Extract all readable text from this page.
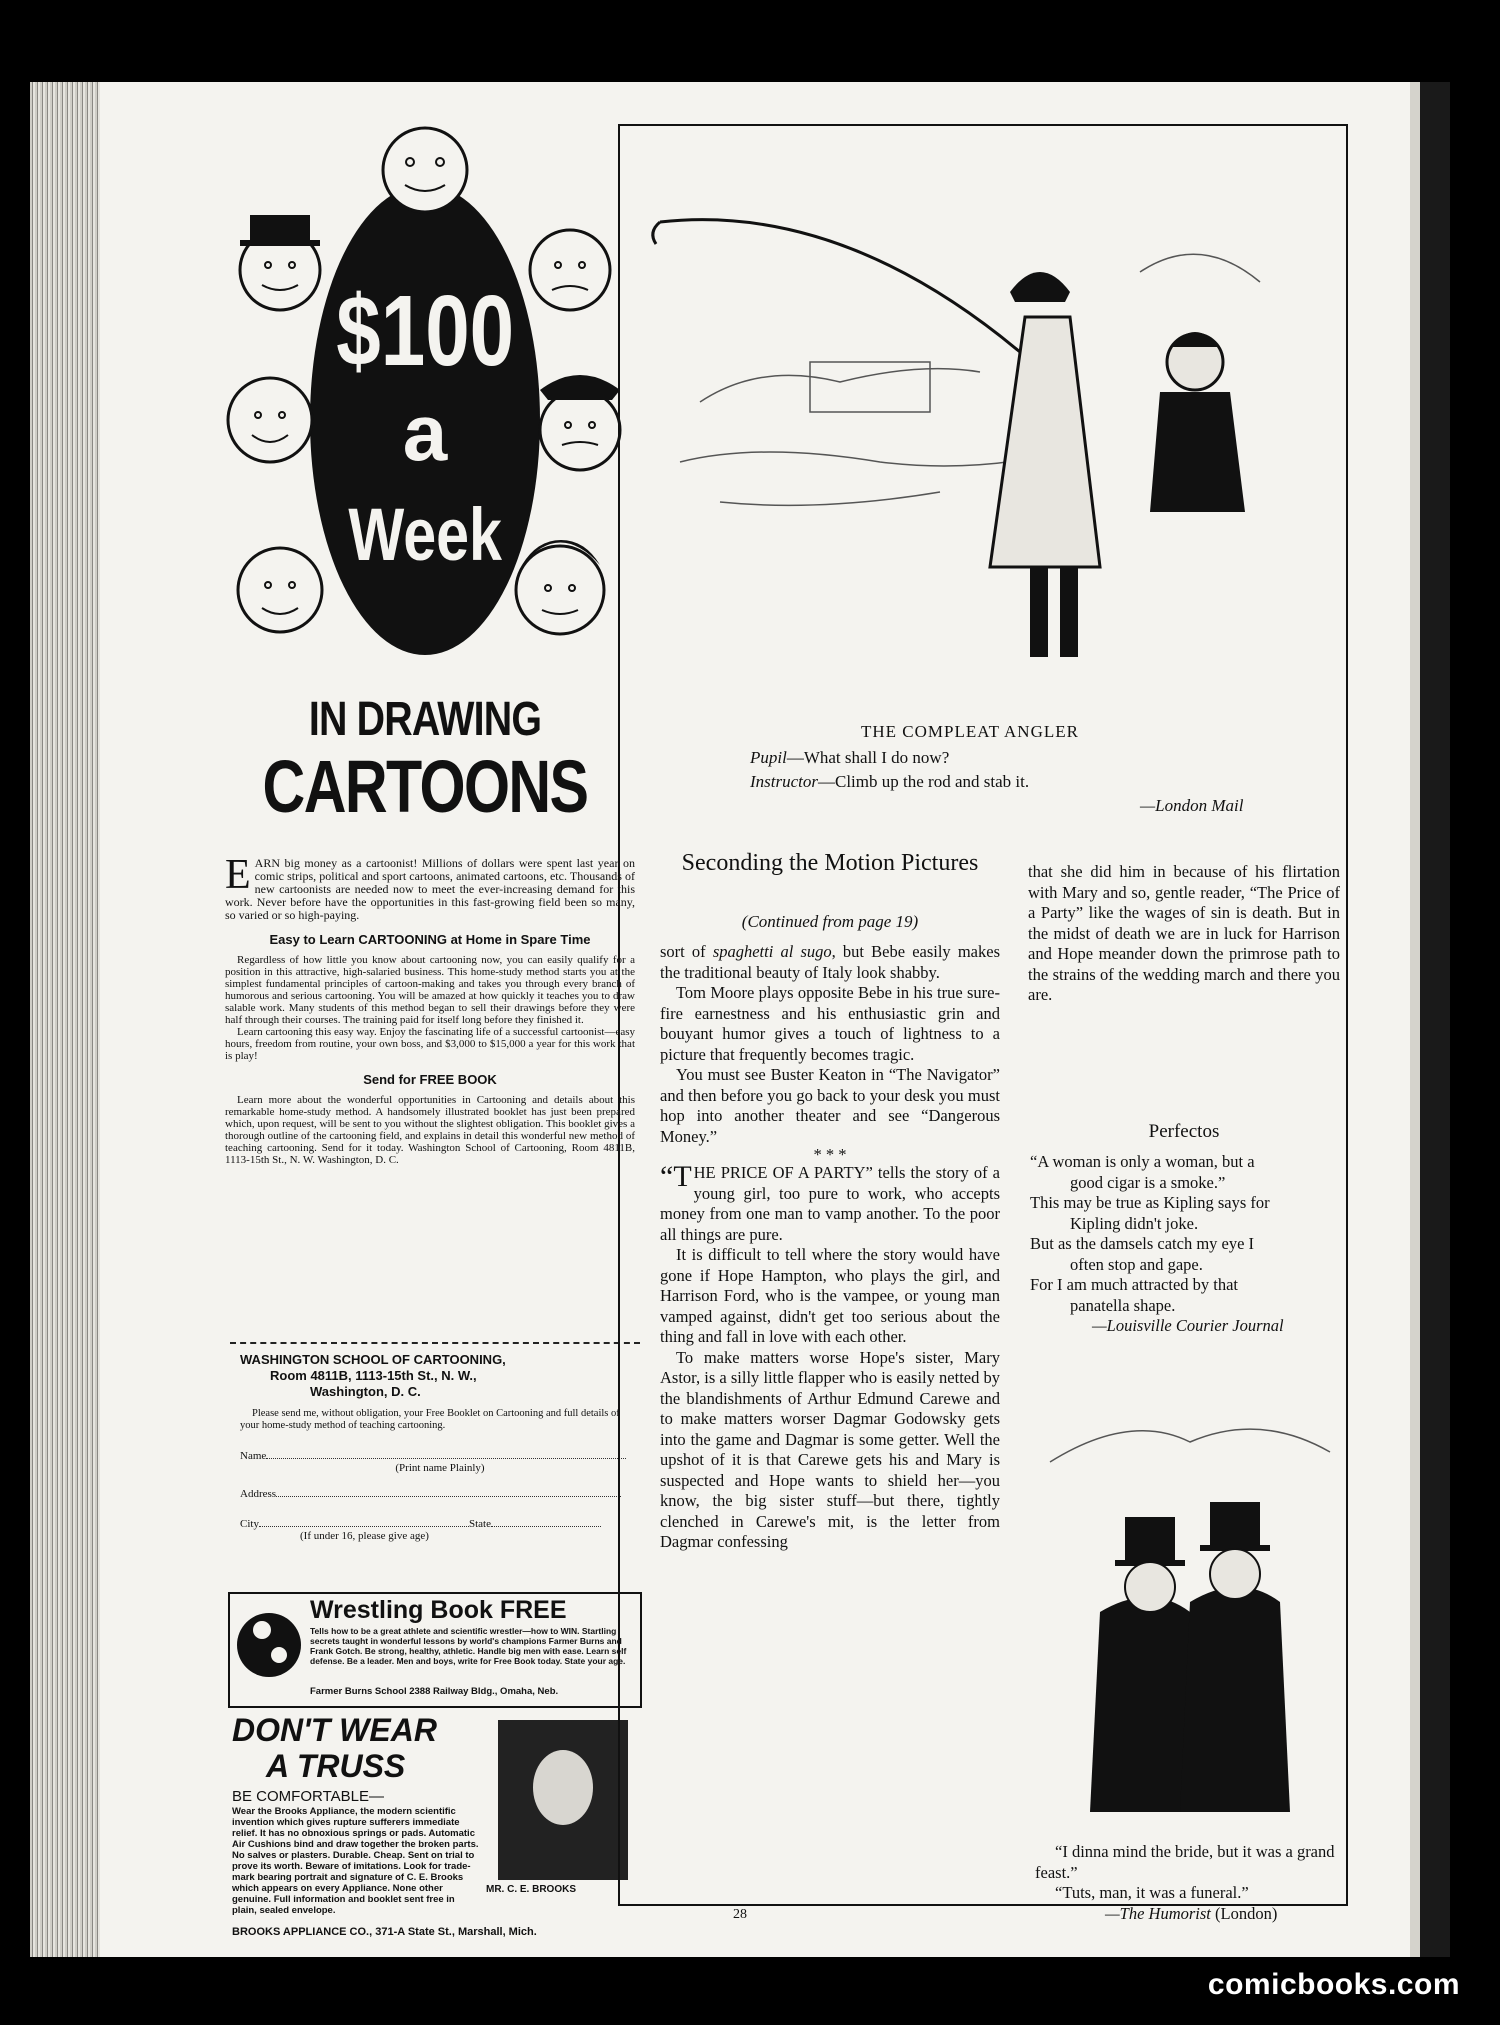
$100
a
Week
IN DRAWING
CARTOONS
EARN big money as a cartoonist! Millions of dollars were spent last year on comic strips, political and sport cartoons, animated cartoons, etc. Thousands of new cartoonists are needed now to meet the ever-increasing demand for this work. Never before have the opportunities in this fast-growing field been so many, so varied or so high-paying.
Easy to Learn CARTOONING at Home in Spare Time
Regardless of how little you know about cartooning now, you can easily qualify for a position in this attractive, high-salaried business. This home-study method starts you at the simplest fundamental principles of cartoon-making and takes you through every branch of humorous and serious cartooning. You will be amazed at how quickly it teaches you to draw salable work. Many students of this method began to sell their drawings before they were half through their courses. The training paid for itself long before they finished it.
Learn cartooning this easy way. Enjoy the fascinating life of a successful cartoonist—easy hours, freedom from routine, your own boss, and $3,000 to $15,000 a year for this work that is play!
Send for FREE BOOK
Learn more about the wonderful opportunities in Cartooning and details about this remarkable home-study method. A handsomely illustrated booklet has just been prepared which, upon request, will be sent to you without the slightest obligation. This booklet gives a thorough outline of the cartooning field, and explains in detail this wonderful new method of teaching cartooning. Send for it today. Washington School of Cartooning, Room 4811B, 1113-15th St., N. W. Washington, D. C.
WASHINGTON SCHOOL OF CARTOONING,
Room 4811B, 1113-15th St., N. W.,
Washington, D. C.
Please send me, without obligation, your Free Booklet on Cartooning and full details of your home-study method of teaching cartooning.
Name
(Print name Plainly)
Address
City	State
(If under 16, please give age)
Wrestling Book FREE
Tells how to be a great athlete and scientific wrestler—how to WIN. Startling secrets taught in wonderful lessons by world's champions Farmer Burns and Frank Gotch. Be strong, healthy, athletic. Handle big men with ease. Learn self defense. Be a leader. Men and boys, write for Free Book today. State your age.
Farmer Burns School 2388 Railway Bldg., Omaha, Neb.
DON'T WEAR
A TRUSS
BE COMFORTABLE—
Wear the Brooks Appliance, the modern scientific invention which gives rupture sufferers immediate relief. It has no obnoxious springs or pads. Automatic Air Cushions bind and draw together the broken parts. No salves or plasters. Durable. Cheap. Sent on trial to prove its worth. Beware of imitations. Look for trade-mark bearing portrait and signature of C. E. Brooks which appears on every Appliance. None other genuine. Full information and booklet sent free in plain, sealed envelope.
MR. C. E. BROOKS
BROOKS APPLIANCE CO., 371-A State St., Marshall, Mich.
THE COMPLEAT ANGLER
Pupil—What shall I do now?
Instructor—Climb up the rod and stab it.
—London Mail
Seconding the Motion Pictures
(Continued from page 19)
sort of spaghetti al sugo, but Bebe easily makes the traditional beauty of Italy look shabby.
Tom Moore plays opposite Bebe in his true sure-fire earnestness and his enthusiastic grin and bouyant humor gives a touch of lightness to a picture that frequently becomes tragic.
You must see Buster Keaton in “The Navigator” and then before you go back to your desk you must hop into another theater and see “Dangerous Money.”
* * *
“THE PRICE OF A PARTY” tells the story of a young girl, too pure to work, who accepts money from one man to vamp another. To the poor all things are pure.
It is difficult to tell where the story would have gone if Hope Hampton, who plays the girl, and Harrison Ford, who is the vampee, or young man vamped against, didn't get too serious about the thing and fall in love with each other.
To make matters worse Hope's sister, Mary Astor, is a silly little flapper who is easily netted by the blandishments of Arthur Edmund Carewe and to make matters worser Dagmar Godowsky gets into the game and Dagmar is some getter. Well the upshot of it is that Carewe gets his and Mary is suspected and Hope wants to shield her—you know, the big sister stuff—but there, tightly clenched in Carewe's mit, is the letter from Dagmar confessing
that she did him in because of his flirtation with Mary and so, gentle reader, “The Price of a Party” like the wages of sin is death. But in the midst of death we are in luck for Harrison and Hope meander down the primrose path to the strains of the wedding march and there you are.
Perfectos
“A woman is only a woman, but a
good cigar is a smoke.”
This may be true as Kipling says for
Kipling didn't joke.
But as the damsels catch my eye I
often stop and gape.
For I am much attracted by that
panatella shape.
—Louisville Courier Journal
“I dinna mind the bride, but it was a grand feast.”
“Tuts, man, it was a funeral.”
—The Humorist (London)
28
comicbooks.com
